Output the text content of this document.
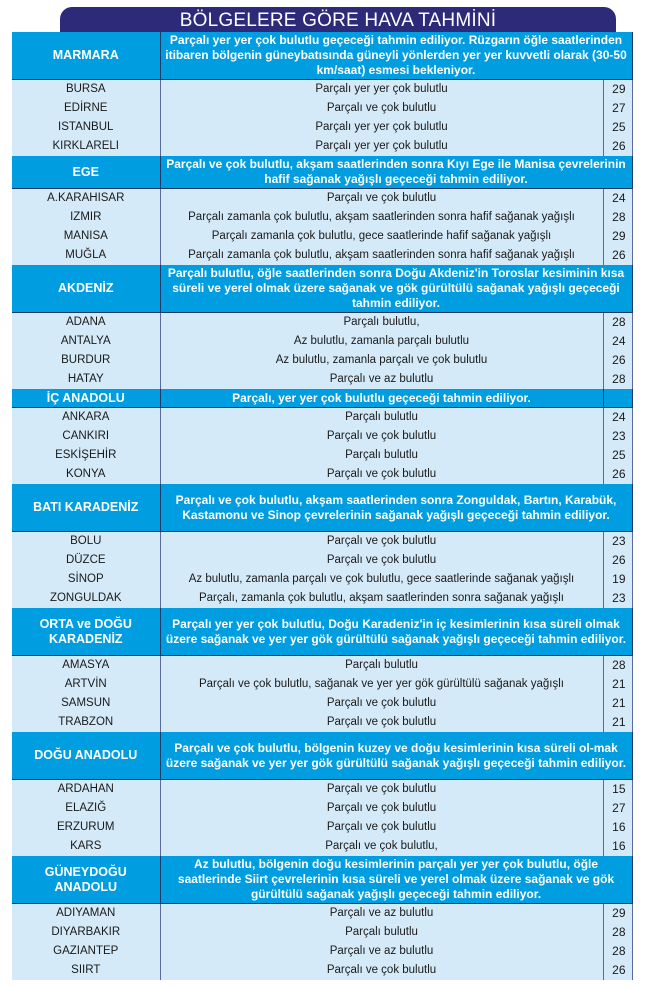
BÖLGELERE GÖRE HAVA TAHMİNİ
MARMARA	Parçalı yer yer çok bulutlu geçeceği tahmin ediliyor. Rüzgarın öğle saatlerinden itibaren bölgenin güneybatısında güneyli yönlerden yer yer kuvvetli olarak (30-50 km/saat) esmesi bekleniyor.	
BURSA	Parçalı yer yer çok bulutlu	29
EDİRNE	Parçalı ve çok bulutlu	27
ISTANBUL	Parçalı yer yer çok bulutlu	25
KIRKLARELI	Parçalı yer yer çok bulutlu	26
EGE	Parçalı ve çok bulutlu, akşam saatlerinden sonra Kıyı Ege ile Manisa çevrelerinin hafif sağanak yağışlı geçeceği tahmin ediliyor.	
A.KARAHISAR	Parçalı ve çok bulutlu	24
IZMIR	Parçalı zamanla çok bulutlu, akşam saatlerinden sonra hafif sağanak yağışlı	28
MANISA	Parçalı zamanla çok bulutlu, gece saatlerinde hafif sağanak yağışlı	29
MUĞLA	Parçalı zamanla çok bulutlu, akşam saatlerinden sonra hafif sağanak yağışlı	26
AKDENİZ	Parçalı bulutlu, öğle saatlerinden sonra Doğu Akdeniz'in Toroslar kesiminin kısa süreli ve yerel olmak üzere sağanak ve gök gürültülü sağanak yağışlı geçeceği tahmin ediliyor.	
ADANA	Parçalı bulutlu,	28
ANTALYA	Az bulutlu, zamanla parçalı bulutlu	24
BURDUR	Az bulutlu, zamanla parçalı ve çok bulutlu	26
HATAY	Parçalı ve az bulutlu	28
İÇ ANADOLU	Parçalı, yer yer çok bulutlu geçeceği tahmin ediliyor.	
ANKARA	Parçalı bulutlu	24
CANKIRI	Parçalı ve çok bulutlu	23
ESKİŞEHİR	Parçalı bulutlu	25
KONYA	Parçalı ve çok bulutlu	26
BATI KARADENİZ	Parçalı ve çok bulutlu, akşam saatlerinden sonra Zonguldak, Bartın, Karabük, Kastamonu ve Sinop çevrelerinin sağanak yağışlı geçeceği tahmin ediliyor.	
BOLU	Parçalı ve çok bulutlu	23
DÜZCE	Parçalı ve çok bulutlu	26
SİNOP	Az bulutlu, zamanla parçalı ve çok bulutlu, gece saatlerinde sağanak yağışlı	19
ZONGULDAK	Parçalı, zamanla çok bulutlu, akşam saatlerinden sonra sağanak yağışlı	23
ORTA ve DOĞU KARADENİZ	Parçalı yer yer çok bulutlu, Doğu Karadeniz'in iç kesimlerinin kısa süreli olmak üzere sağanak ve yer yer gök gürültülü sağanak yağışlı geçeceği tahmin ediliyor.	
AMASYA	Parçalı bulutlu	28
ARTVİN	Parçalı ve çok bulutlu, sağanak ve yer yer gök gürültülü sağanak yağışlı	21
SAMSUN	Parçalı ve çok bulutlu	21
TRABZON	Parçalı ve çok bulutlu	21
DOĞU ANADOLU	Parçalı ve çok bulutlu, bölgenin kuzey ve doğu kesimlerinin kısa süreli ol-mak üzere sağanak ve yer yer gök gürültülü sağanak yağışlı geçeceği tahmin ediliyor.	
ARDAHAN	Parçalı ve çok bulutlu	15
ELAZIĞ	Parçalı ve çok bulutlu	27
ERZURUM	Parçalı ve çok bulutlu	16
KARS	Parçalı ve çok bulutlu,	16
GÜNEYDOĞU ANADOLU	Az bulutlu, bölgenin doğu kesimlerinin parçalı yer yer çok bulutlu, öğle saatlerinde Siirt çevrelerinin kısa süreli ve yerel olmak üzere sağanak ve gök gürültülü sağanak yağışlı geçeceği tahmin ediliyor.	
ADIYAMAN	Parçalı ve az bulutlu	29
DIYARBAKIR	Parçalı bulutlu	28
GAZIANTEP	Parçalı ve az bulutlu	28
SIIRT	Parçalı ve çok bulutlu	26
